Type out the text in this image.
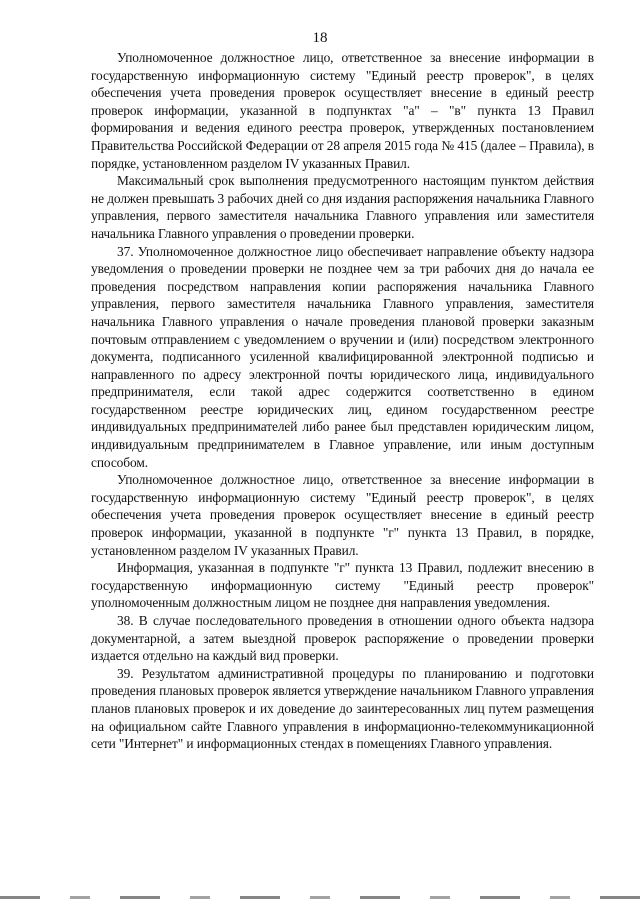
18

Уполномоченное должностное лицо, ответственное за внесение информации в государственную информационную систему "Единый реестр проверок", в целях обеспечения учета проведения проверок осуществляет внесение в единый реестр проверок информации, указанной в подпунктах "а" – "в" пункта 13 Правил формирования и ведения единого реестра проверок, утвержденных постановлением Правительства Российской Федерации от 28 апреля 2015 года № 415 (далее – Правила), в порядке, установленном разделом IV указанных Правил.

Максимальный срок выполнения предусмотренного настоящим пунктом действия не должен превышать 3 рабочих дней со дня издания распоряжения начальника Главного управления, первого заместителя начальника Главного управления или заместителя начальника Главного управления о проведении проверки.

37. Уполномоченное должностное лицо обеспечивает направление объекту надзора уведомления о проведении проверки не позднее чем за три рабочих дня до начала ее проведения посредством направления копии распоряжения начальника Главного управления, первого заместителя начальника Главного управления, заместителя начальника Главного управления о начале проведения плановой проверки заказным почтовым отправлением с уведомлением о вручении и (или) посредством электронного документа, подписанного усиленной квалифицированной электронной подписью и направленного по адресу электронной почты юридического лица, индивидуального предпринимателя, если такой адрес содержится соответственно в едином государственном реестре юридических лиц, едином государственном реестре индивидуальных предпринимателей либо ранее был представлен юридическим лицом, индивидуальным предпринимателем в Главное управление, или иным доступным способом.

Уполномоченное должностное лицо, ответственное за внесение информации в государственную информационную систему "Единый реестр проверок", в целях обеспечения учета проведения проверок осуществляет внесение в единый реестр проверок информации, указанной в подпункте "г" пункта 13 Правил, в порядке, установленном разделом IV указанных Правил.

Информация, указанная в подпункте "г" пункта 13 Правил, подлежит внесению в государственную информационную систему "Единый реестр проверок" уполномоченным должностным лицом не позднее дня направления уведомления.

38. В случае последовательного проведения в отношении одного объекта надзора документарной, а затем выездной проверок распоряжение о проведении проверки издается отдельно на каждый вид проверки.

39. Результатом административной процедуры по планированию и подготовки проведения плановых проверок является утверждение начальником Главного управления планов плановых проверок и их доведение до заинтересованных лиц путем размещения на официальном сайте Главного управления в информационно-телекоммуникационной сети "Интернет" и информационных стендах в помещениях Главного управления.
